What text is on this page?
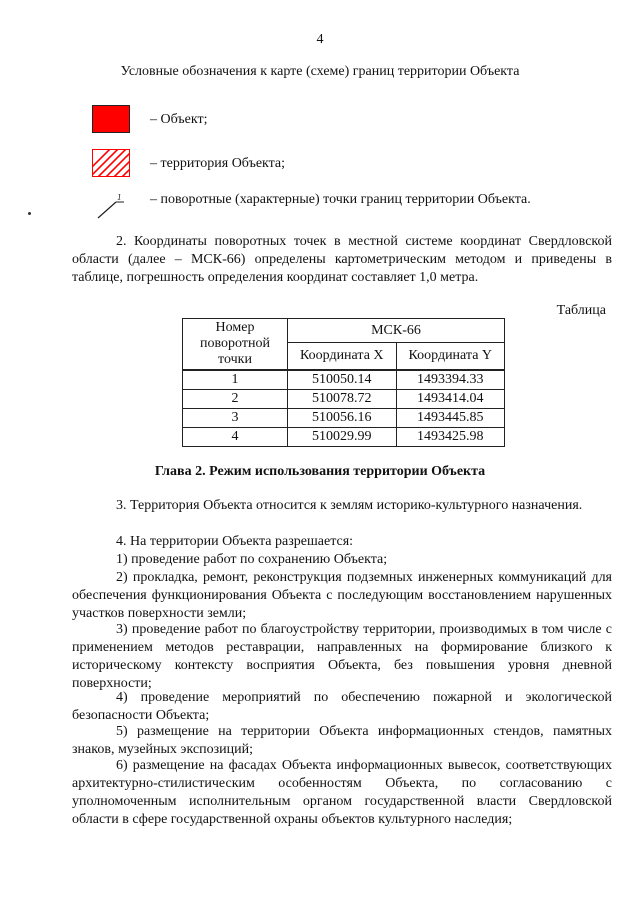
4
Условные обозначения к карте (схеме) границ территории Объекта
– Объект;
– территория Объекта;
1 – поворотные (характерные) точки границ территории Объекта.
2. Координаты поворотных точек в местной системе координат Свердловской области (далее – МСК-66) определены картометрическим методом и приведены в таблице, погрешность определения координат составляет 1,0 метра.
Таблица
Номер поворотной точки	МСК-66	
	Координата X	Координата Y
1	510050.14	1493394.33
2	510078.72	1493414.04
3	510056.16	1493445.85
4	510029.99	1493425.98
Глава 2. Режим использования территории Объекта
3. Территория Объекта относится к землям историко-культурного назначения.
4. На территории Объекта разрешается:
1) проведение работ по сохранению Объекта;
2) прокладка, ремонт, реконструкция подземных инженерных коммуникаций для обеспечения функционирования Объекта с последующим восстановлением нарушенных участков поверхности земли;
3) проведение работ по благоустройству территории, производимых в том числе с применением методов реставрации, направленных на формирование близкого к историческому контексту восприятия Объекта, без повышения уровня дневной поверхности;
4) проведение мероприятий по обеспечению пожарной и экологической безопасности Объекта;
5) размещение на территории Объекта информационных стендов, памятных знаков, музейных экспозиций;
6) размещение на фасадах Объекта информационных вывесок, соответствующих архитектурно-стилистическим особенностям Объекта, по согласованию с уполномоченным исполнительным органом государственной власти Свердловской области в сфере государственной охраны объектов культурного наследия;
